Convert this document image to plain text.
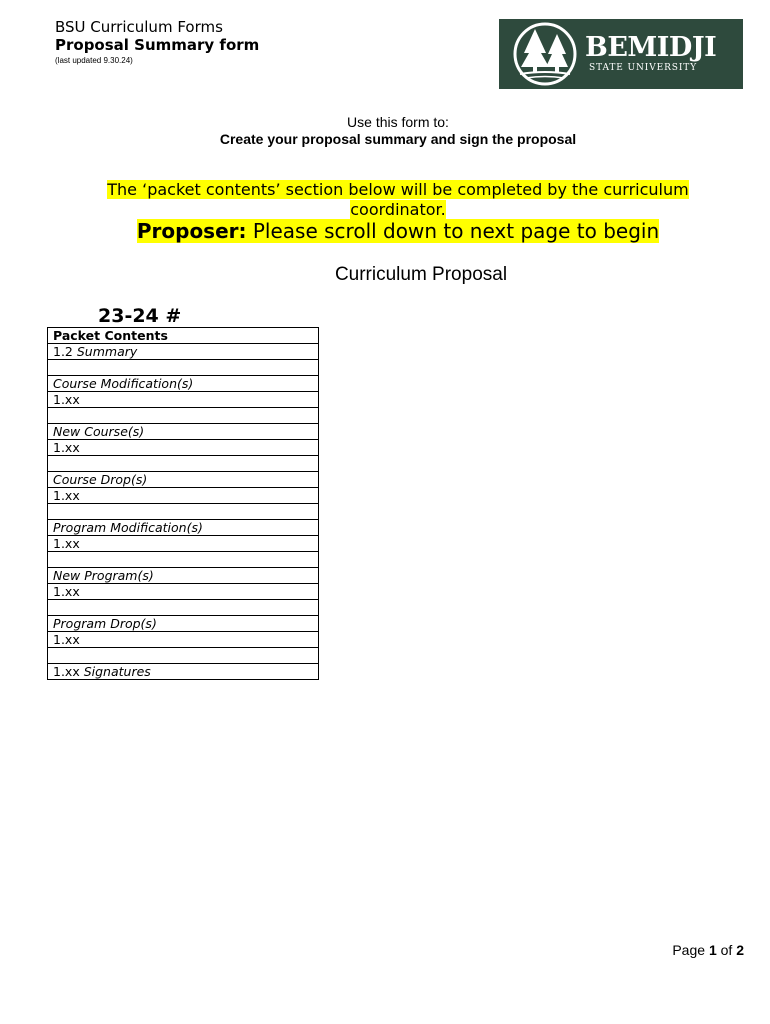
BSU Curriculum Forms
Proposal Summary form
(last updated 9.30.24)	BEMIDJI
STATE UNIVERSITY
Use this form to:
Create your proposal summary and sign the proposal
The ‘packet contents’ section below will be completed by the curriculum coordinator.
Proposer: Please scroll down to next page to begin
Curriculum Proposal
23-24 #
Packet Contents
1.2 Summary

Course Modification(s)
1.xx

New Course(s)
1.xx

Course Drop(s)
1.xx

Program Modification(s)
1.xx

New Program(s)
1.xx

Program Drop(s)
1.xx

1.xx Signatures
Page 1 of 2
